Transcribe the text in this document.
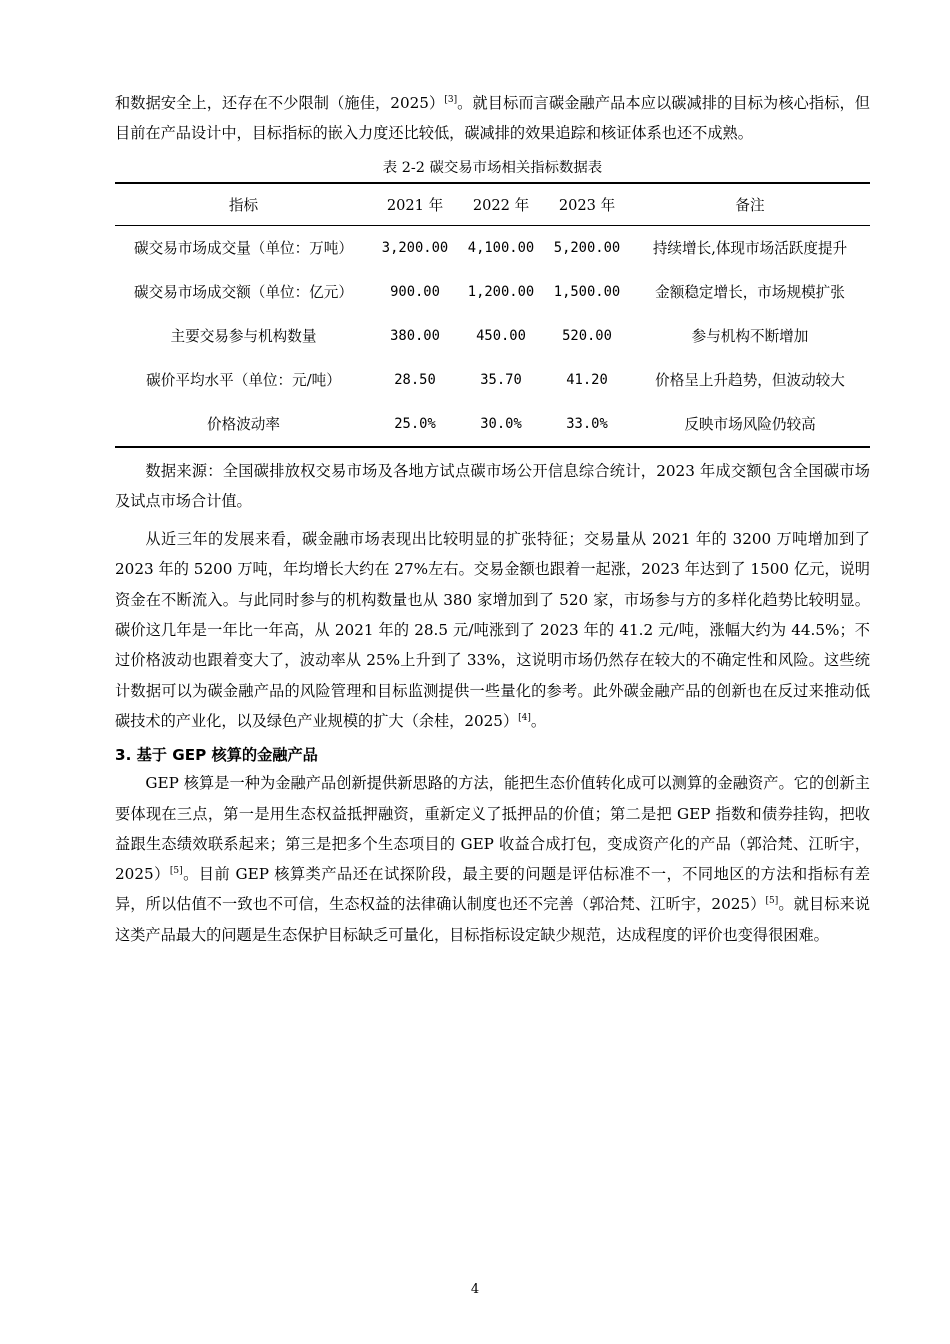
和数据安全上，还存在不少限制（施佳，2025）[3]。就目标而言碳金融产品本应以碳减排的目标为核心指标，但目前在产品设计中，目标指标的嵌入力度还比较低，碳减排的效果追踪和核证体系也还不成熟。

表 2-2 碳交易市场相关指标数据表
指标	2021 年	2022 年	2023 年	备注
碳交易市场成交量（单位：万吨）	3,200.00	4,100.00	5,200.00	持续增长,体现市场活跃度提升
碳交易市场成交额（单位：亿元）	900.00	1,200.00	1,500.00	金额稳定增长，市场规模扩张
主要交易参与机构数量	380.00	450.00	520.00	参与机构不断增加
碳价平均水平（单位：元/吨）	28.50	35.70	41.20	价格呈上升趋势，但波动较大
价格波动率	25.0%	30.0%	33.0%	反映市场风险仍较高

数据来源：全国碳排放权交易市场及各地方试点碳市场公开信息综合统计，2023 年成交额包含全国碳市场及试点市场合计值。

从近三年的发展来看，碳金融市场表现出比较明显的扩张特征；交易量从 2021 年的 3200 万吨增加到了 2023 年的 5200 万吨，年均增长大约在 27%左右。交易金额也跟着一起涨，2023 年达到了 1500 亿元，说明资金在不断流入。与此同时参与的机构数量也从 380 家增加到了 520 家，市场参与方的多样化趋势比较明显。碳价这几年是一年比一年高，从 2021 年的 28.5 元/吨涨到了 2023 年的 41.2 元/吨，涨幅大约为 44.5%；不过价格波动也跟着变大了，波动率从 25%上升到了 33%，这说明市场仍然存在较大的不确定性和风险。这些统计数据可以为碳金融产品的风险管理和目标监测提供一些量化的参考。此外碳金融产品的创新也在反过来推动低碳技术的产业化，以及绿色产业规模的扩大（余桂，2025）[4]。

3. 基于 GEP 核算的金融产品

GEP 核算是一种为金融产品创新提供新思路的方法，能把生态价值转化成可以测算的金融资产。它的创新主要体现在三点，第一是用生态权益抵押融资，重新定义了抵押品的价值；第二是把 GEP 指数和债券挂钩，把收益跟生态绩效联系起来；第三是把多个生态项目的 GEP 收益合成打包，变成资产化的产品（郭洽梵、江昕宇，2025）[5]。目前 GEP 核算类产品还在试探阶段，最主要的问题是评估标准不一，不同地区的方法和指标有差异，所以估值不一致也不可信，生态权益的法律确认制度也还不完善（郭洽梵、江昕宇，2025）[5]。就目标来说这类产品最大的问题是生态保护目标缺乏可量化，目标指标设定缺少规范，达成程度的评价也变得很困难。

4
